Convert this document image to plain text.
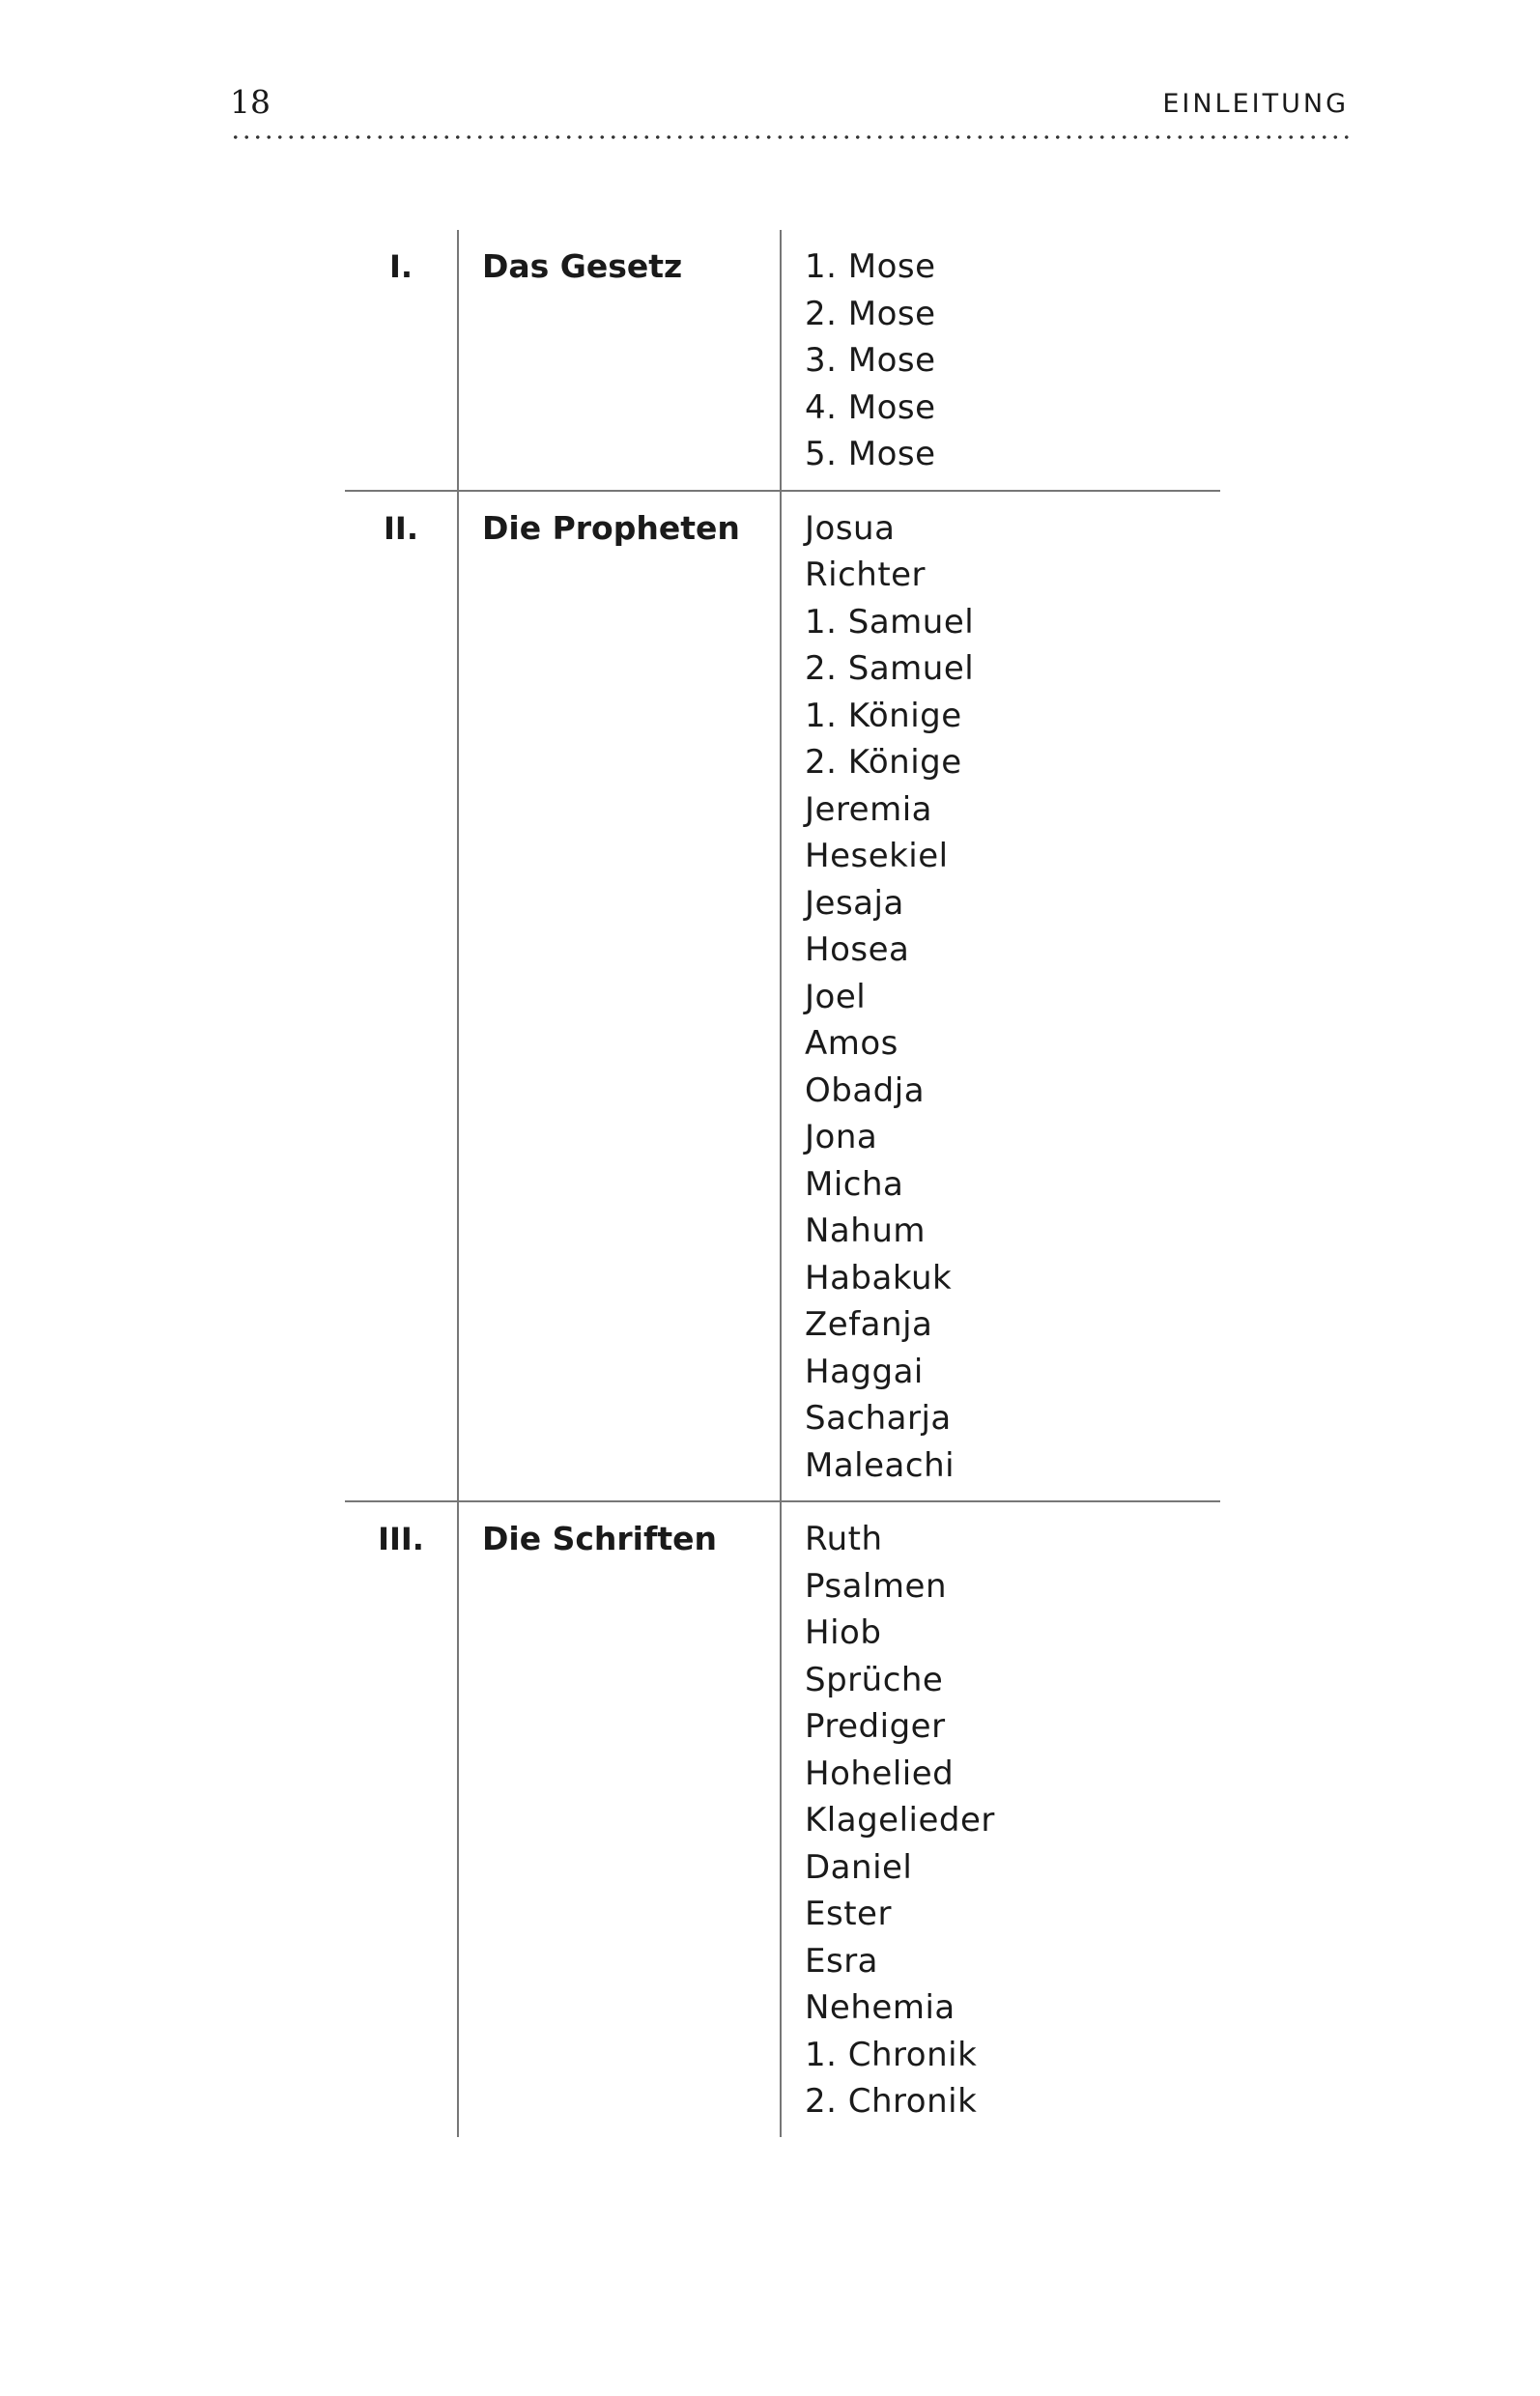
18	EINLEITUNG
I.	Das Gesetz	1. Mose
2. Mose
3. Mose
4. Mose
5. Mose
II.	Die Propheten	Josua
Richter
1. Samuel
2. Samuel
1. Könige
2. Könige
Jeremia
Hesekiel
Jesaja
Hosea
Joel
Amos
Obadja
Jona
Micha
Nahum
Habakuk
Zefanja
Haggai
Sacharja
Maleachi
III.	Die Schriften	Ruth
Psalmen
Hiob
Sprüche
Prediger
Hohelied
Klagelieder
Daniel
Ester
Esra
Nehemia
1. Chronik
2. Chronik
